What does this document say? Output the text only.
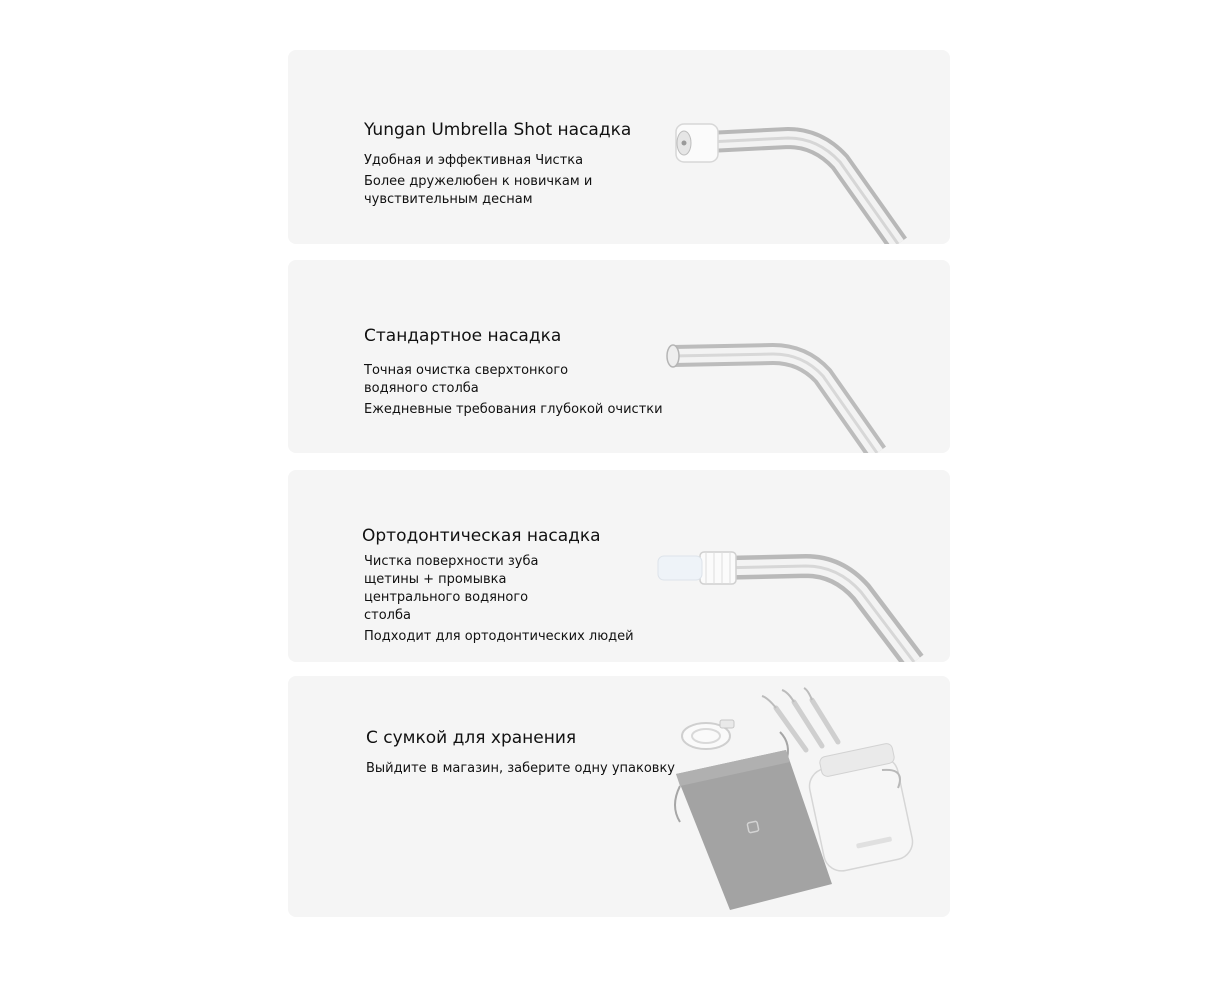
Yungan Umbrella Shot насадка

Удобная и эффективная Чистка

Более дружелюбен к новичкам и чувствительным деснам

Стандартное насадка

Точная очистка сверхтонкого водяного столба

Ежедневные требования глубокой очистки

Ортодонтическая насадка

Чистка поверхности зуба щетины + промывка центрального водяного столба

Подходит для ортодонтических людей

С сумкой для хранения

Выйдите в магазин, заберите одну упаковку
